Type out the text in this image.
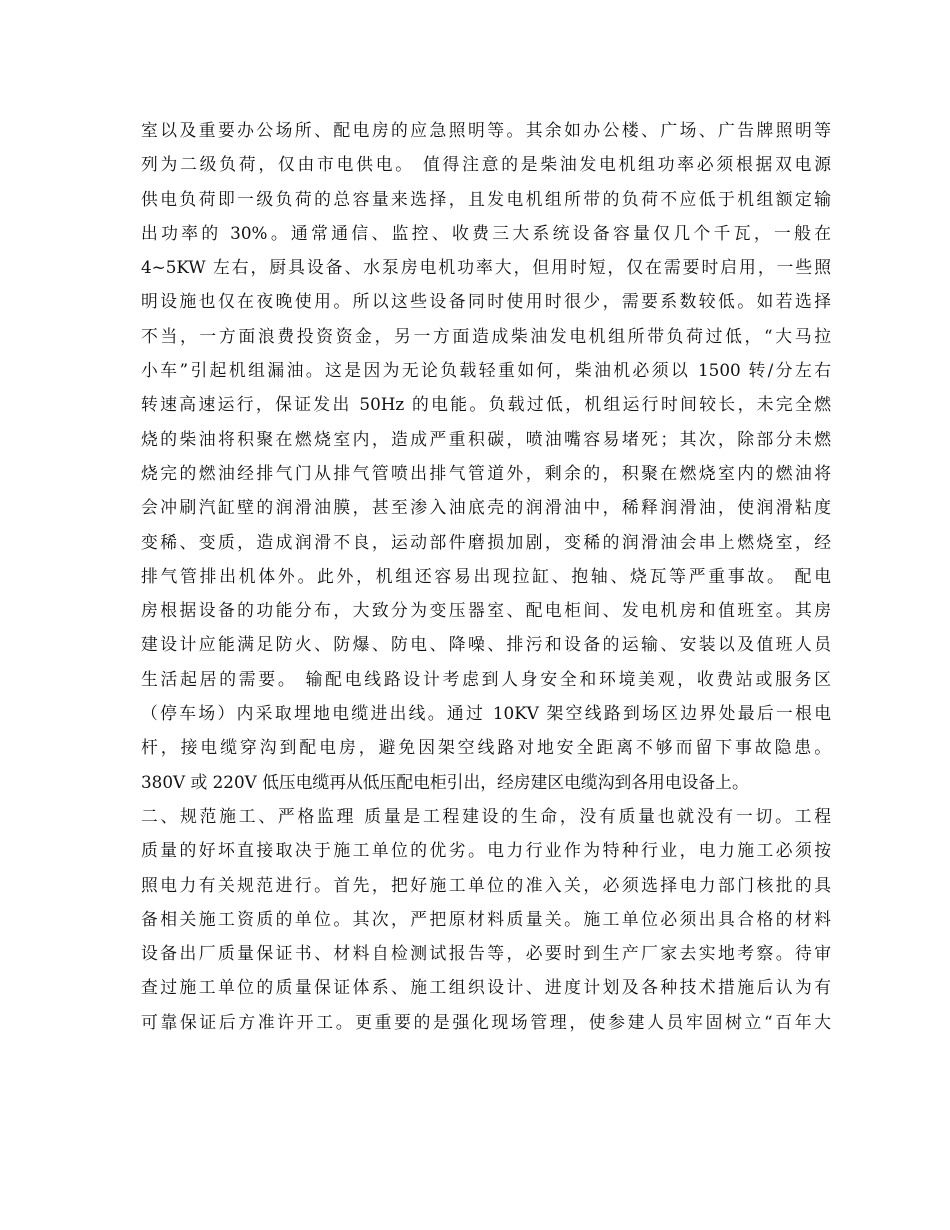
室以及重要办公场所、配电房的应急照明等。其余如办公楼、广场、广告牌照明等
列为二级负荷，仅由市电供电。 值得注意的是柴油发电机组功率必须根据双电源
供电负荷即一级负荷的总容量来选择，且发电机组所带的负荷不应低于机组额定输
出功率的 30%。通常通信、监控、收费三大系统设备容量仅几个千瓦，一般在
4~5KW 左右，厨具设备、水泵房电机功率大，但用时短，仅在需要时启用，一些照
明设施也仅在夜晚使用。所以这些设备同时使用时很少，需要系数较低。如若选择
不当，一方面浪费投资资金，另一方面造成柴油发电机组所带负荷过低，“大马拉
小车”引起机组漏油。这是因为无论负载轻重如何，柴油机必须以 1500 转/分左右
转速高速运行，保证发出 50Hz 的电能。负载过低，机组运行时间较长，未完全燃
烧的柴油将积聚在燃烧室内，造成严重积碳，喷油嘴容易堵死；其次，除部分未燃
烧完的燃油经排气门从排气管喷出排气管道外，剩余的，积聚在燃烧室内的燃油将
会冲刷汽缸壁的润滑油膜，甚至渗入油底壳的润滑油中，稀释润滑油，使润滑粘度
变稀、变质，造成润滑不良，运动部件磨损加剧，变稀的润滑油会串上燃烧室，经
排气管排出机体外。此外，机组还容易出现拉缸、抱轴、烧瓦等严重事故。 配电
房根据设备的功能分布，大致分为变压器室、配电柜间、发电机房和值班室。其房
建设计应能满足防火、防爆、防电、降噪、排污和设备的运输、安装以及值班人员
生活起居的需要。 输配电线路设计考虑到人身安全和环境美观，收费站或服务区
（停车场）内采取埋地电缆进出线。通过 10KV 架空线路到场区边界处最后一根电
杆，接电缆穿沟到配电房，避免因架空线路对地安全距离不够而留下事故隐患。
380V 或 220V 低压电缆再从低压配电柜引出，经房建区电缆沟到各用电设备上。
二、规范施工、严格监理 质量是工程建设的生命，没有质量也就没有一切。工程
质量的好坏直接取决于施工单位的优劣。电力行业作为特种行业，电力施工必须按
照电力有关规范进行。首先，把好施工单位的准入关，必须选择电力部门核批的具
备相关施工资质的单位。其次，严把原材料质量关。施工单位必须出具合格的材料
设备出厂质量保证书、材料自检测试报告等，必要时到生产厂家去实地考察。待审
查过施工单位的质量保证体系、施工组织设计、进度计划及各种技术措施后认为有
可靠保证后方准许开工。更重要的是强化现场管理，使参建人员牢固树立“百年大
